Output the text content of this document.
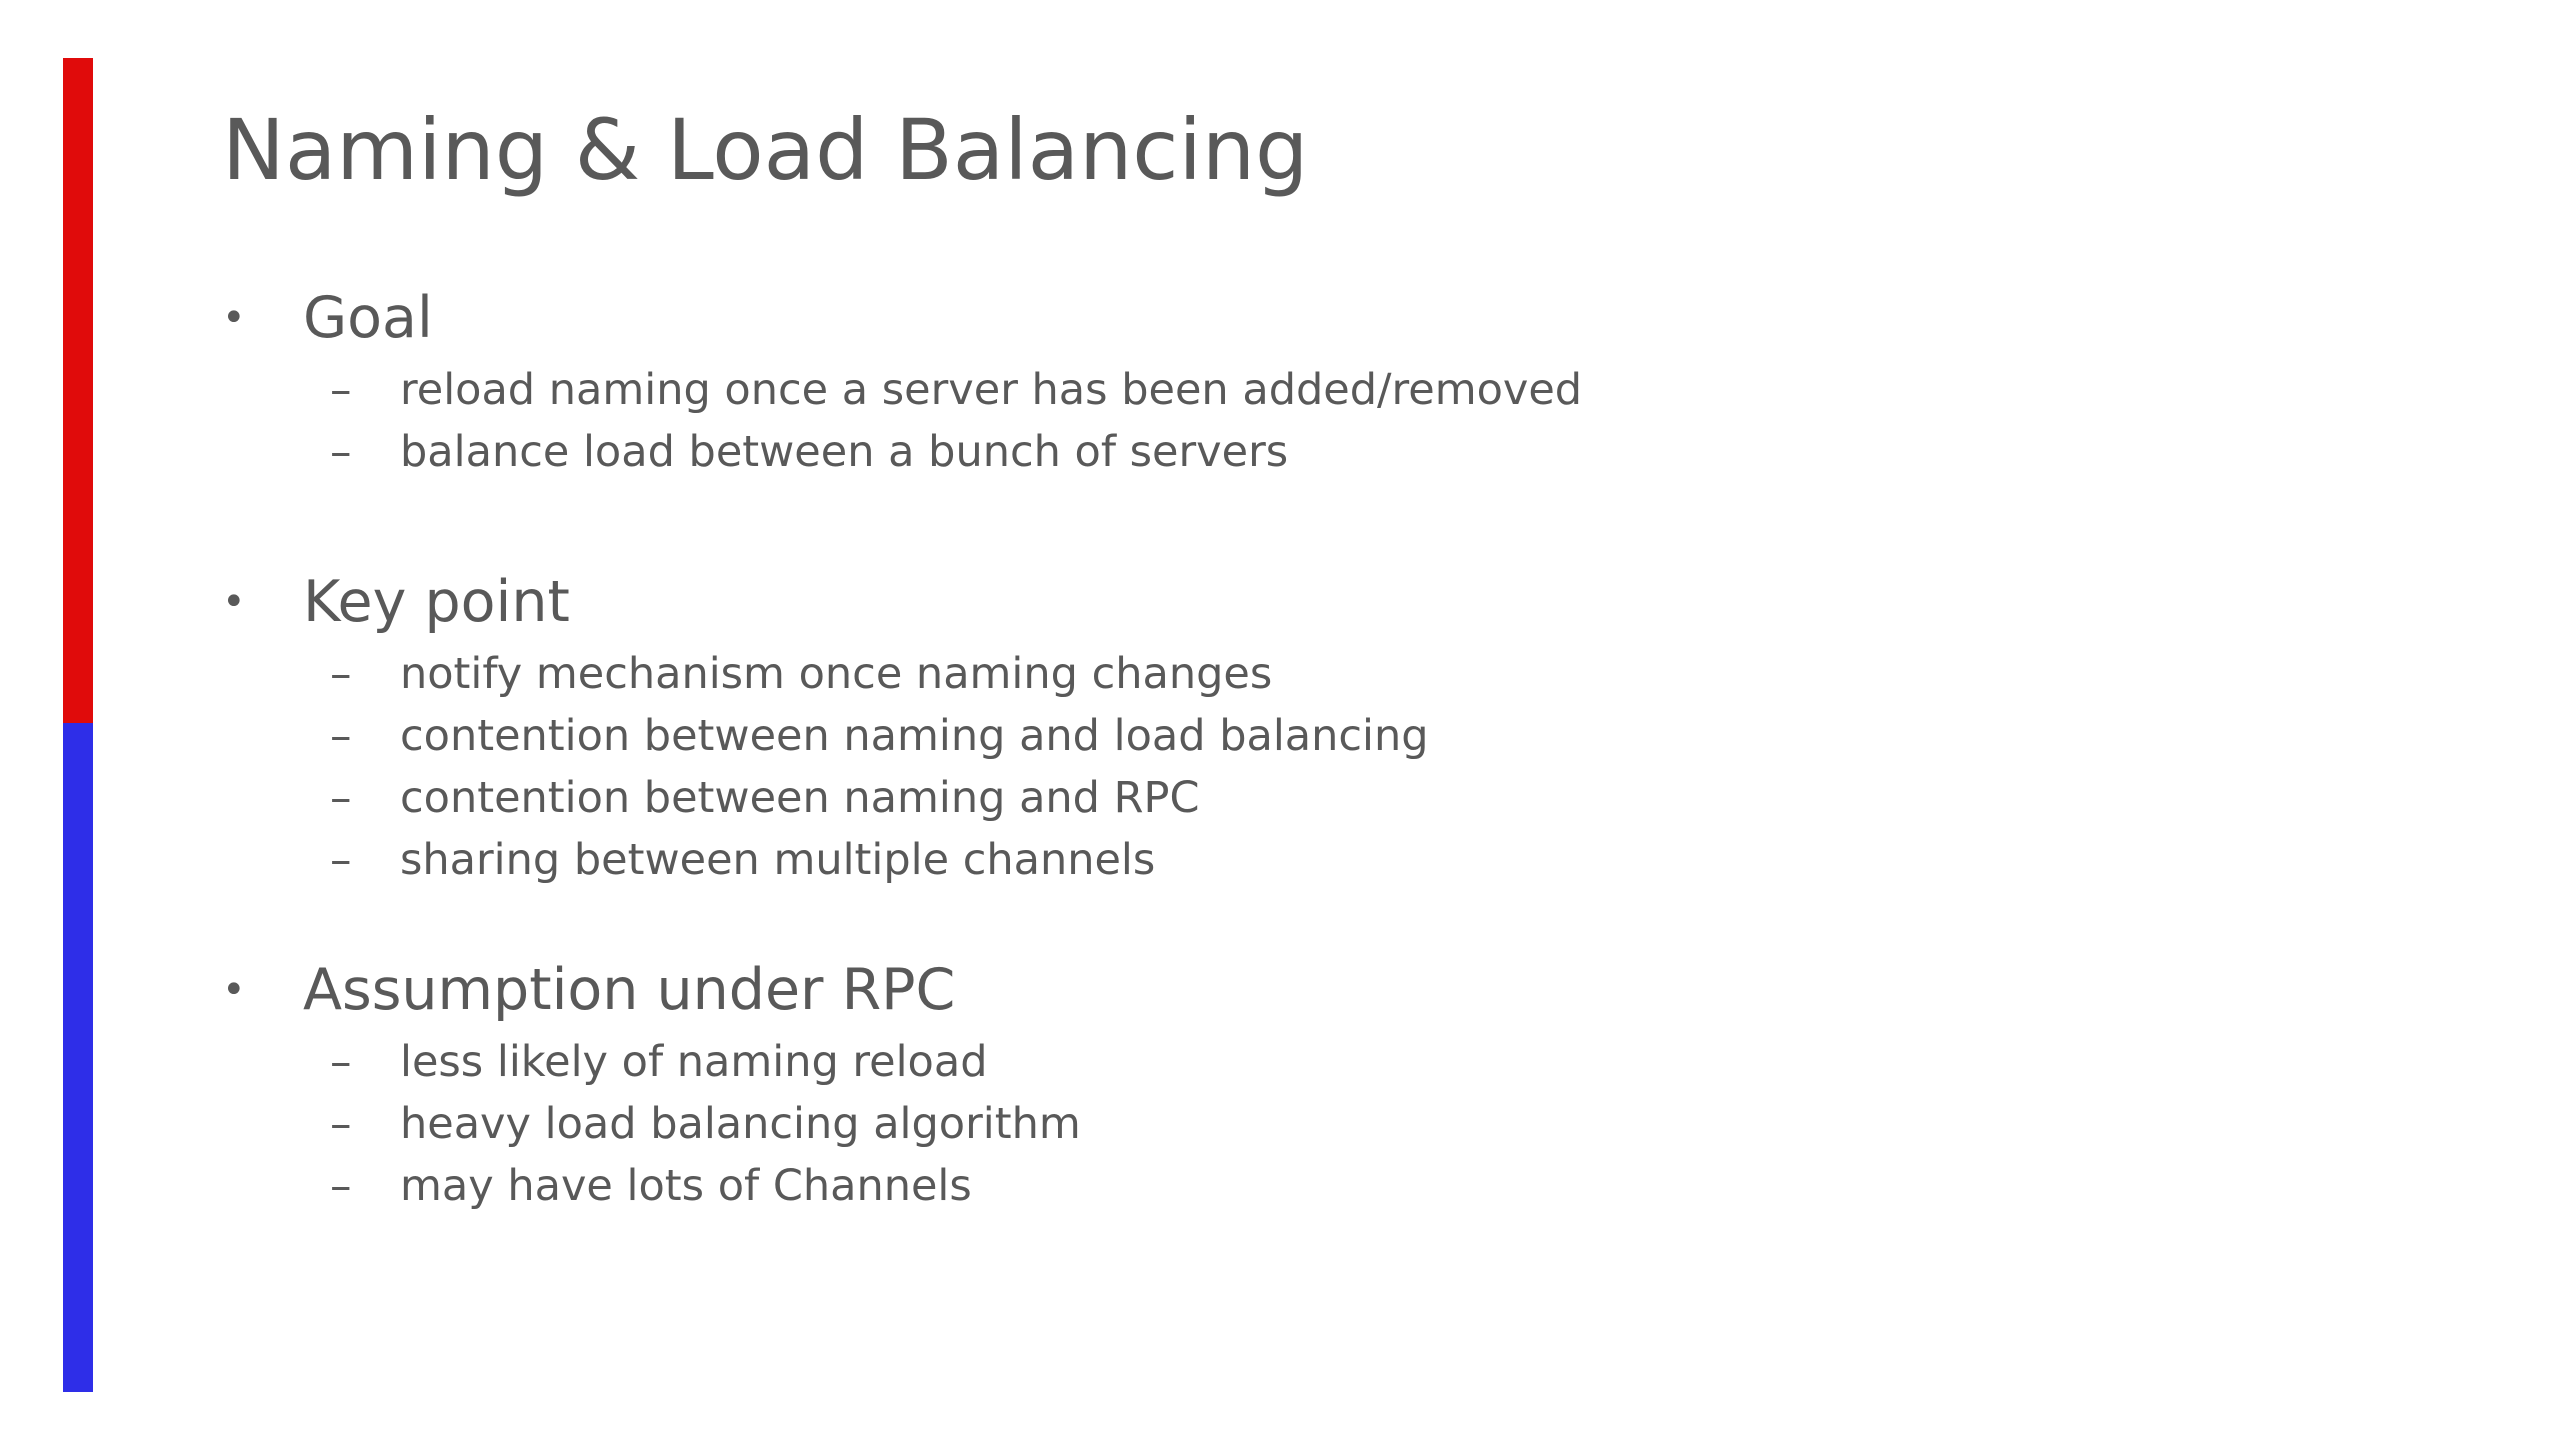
Naming & Load Balancing
• Goal
– reload naming once a server has been added/removed
– balance load between a bunch of servers
• Key point
– notify mechanism once naming changes
– contention between naming and load balancing
– contention between naming and RPC
– sharing between multiple channels
• Assumption under RPC
– less likely of naming reload
– heavy load balancing algorithm
– may have lots of Channels
